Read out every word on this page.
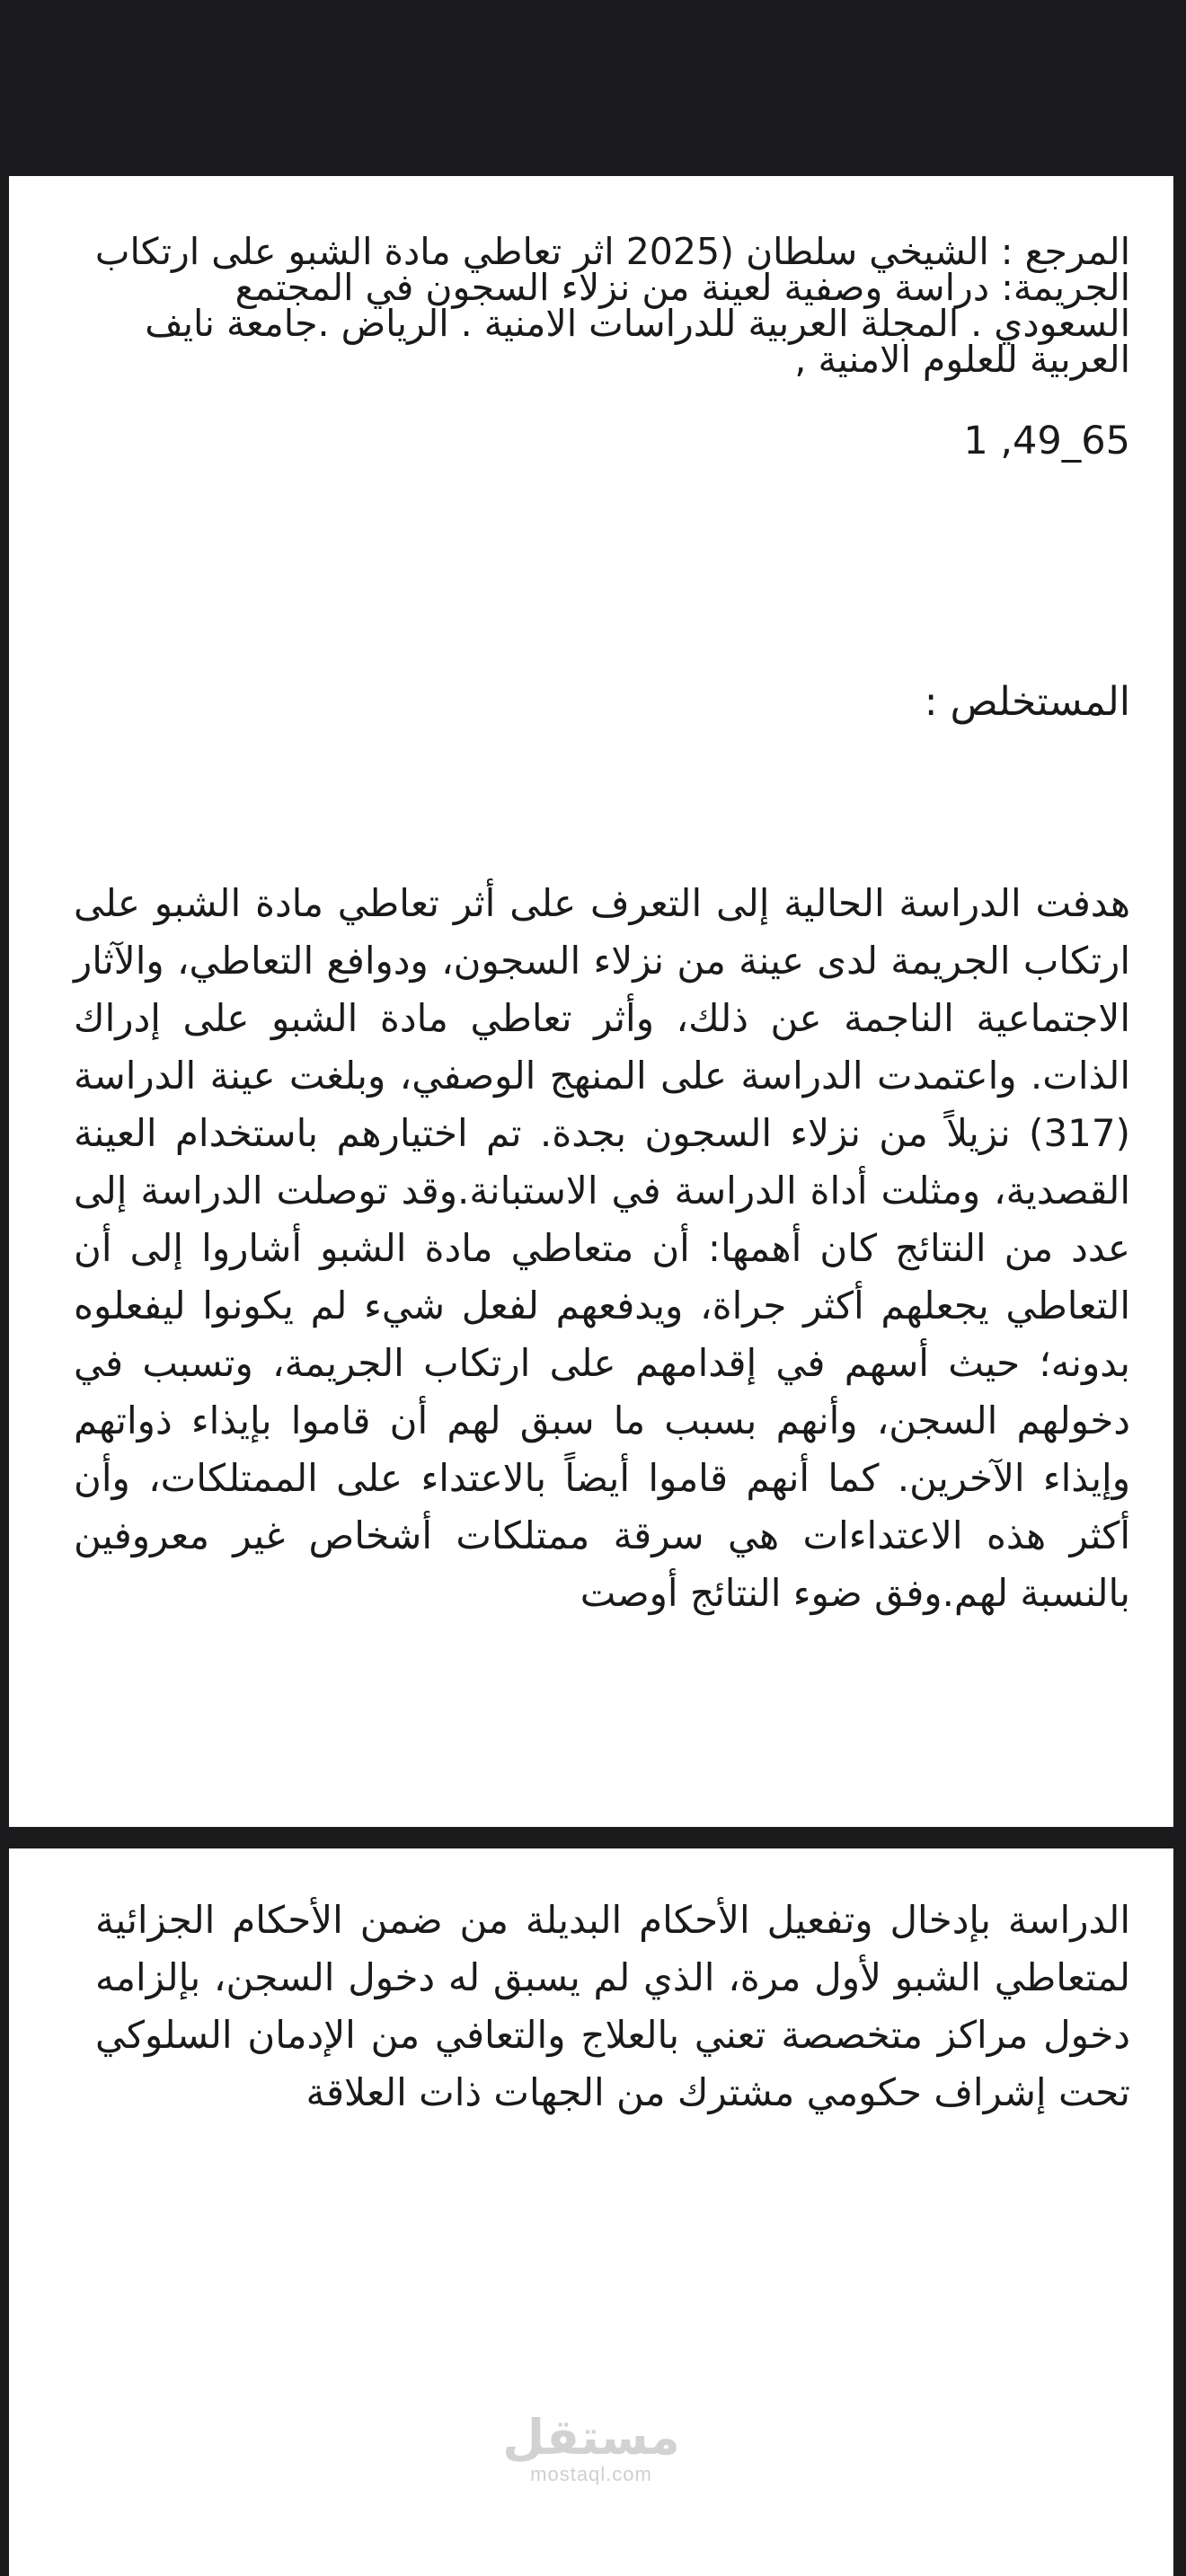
المرجع : الشيخي سلطان (2025 اثر تعاطي مادة الشبو على ارتكاب الجريمة: دراسة وصفية لعينة من نزلاء السجون في المجتمع السعودي . المجلة العربية للدراسات الامنية . الرياض .جامعة نايف العربية للعلوم الامنية ,

1 ,49_65

المستخلص :

هدفت الدراسة الحالية إلى التعرف على أثر تعاطي مادة الشبو على ارتكاب الجريمة لدى عينة من نزلاء السجون، ودوافع التعاطي، والآثار الاجتماعية الناجمة عن ذلك، وأثر تعاطي مادة الشبو على إدراك الذات. واعتمدت الدراسة على المنهج الوصفي، وبلغت عينة الدراسة (317) نزيلاً من نزلاء السجون بجدة. تم اختيارهم باستخدام العينة القصدية، ومثلت أداة الدراسة في الاستبانة.وقد توصلت الدراسة إلى عدد من النتائج كان أهمها: أن متعاطي مادة الشبو أشاروا إلى أن التعاطي يجعلهم أكثر جراة، ويدفعهم لفعل شيء لم يكونوا ليفعلوه بدونه؛ حيث أسهم في إقدامهم على ارتكاب الجريمة، وتسبب في دخولهم السجن، وأنهم بسبب ما سبق لهم أن قاموا بإيذاء ذواتهم وإيذاء الآخرين. كما أنهم قاموا أيضاً بالاعتداء على الممتلكات، وأن أكثر هذه الاعتداءات هي سرقة ممتلكات أشخاص غير معروفين بالنسبة لهم.وفق ضوء النتائج أوصت

الدراسة بإدخال وتفعيل الأحكام البديلة من ضمن الأحكام الجزائية لمتعاطي الشبو لأول مرة، الذي لم يسبق له دخول السجن، بإلزامه دخول مراكز متخصصة تعني بالعلاج والتعافي من الإدمان السلوكي تحت إشراف حكومي مشترك من الجهات ذات العلاقة

مستقل
mostaql.com
